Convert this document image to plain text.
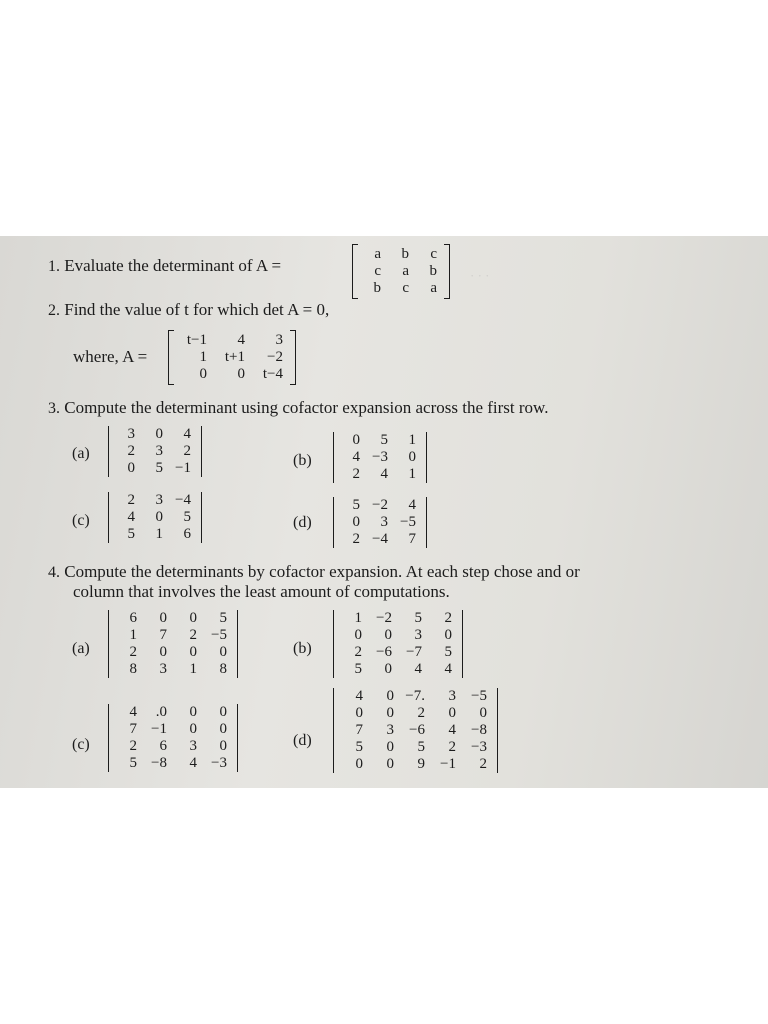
· · ·
1. Evaluate the determinant of A =
a	b	c
c	a	b
b	c	a
2. Find the value of t for which det A = 0,
where, A =
t−1	4	3
1	t+1	−2
0	0	t−4
3. Compute the determinant using cofactor expansion across the first row.
(a)
3	0	4
2	3	2
0	5 −1	(b)
0	5	1
4 −3	0
2	4	1
(c)
2	3 −4
4	0	5
5	1	6
(d)
5 −2	4
0	3 −5
2 −4	7
4. Compute the determinants by cofactor expansion. At each step chose and or
column that involves the least amount of computations.
(a)
6	0	0	5
1	7	2 −5
2	0	0	0
8	3	1	8
(b)
1 −2	5	2
0	0	3	0
2 −6 −7	5
5	0	4	4
(c)
4	.0	0	0
7 −1	0	0
2	6	3	0
5 −8	4 −3
(d)
4	0 −7.	3	−5
0	0	2	0	0
7	3	−6	4	−8
5	0	5	2	−3
0	0	9	−1	2
